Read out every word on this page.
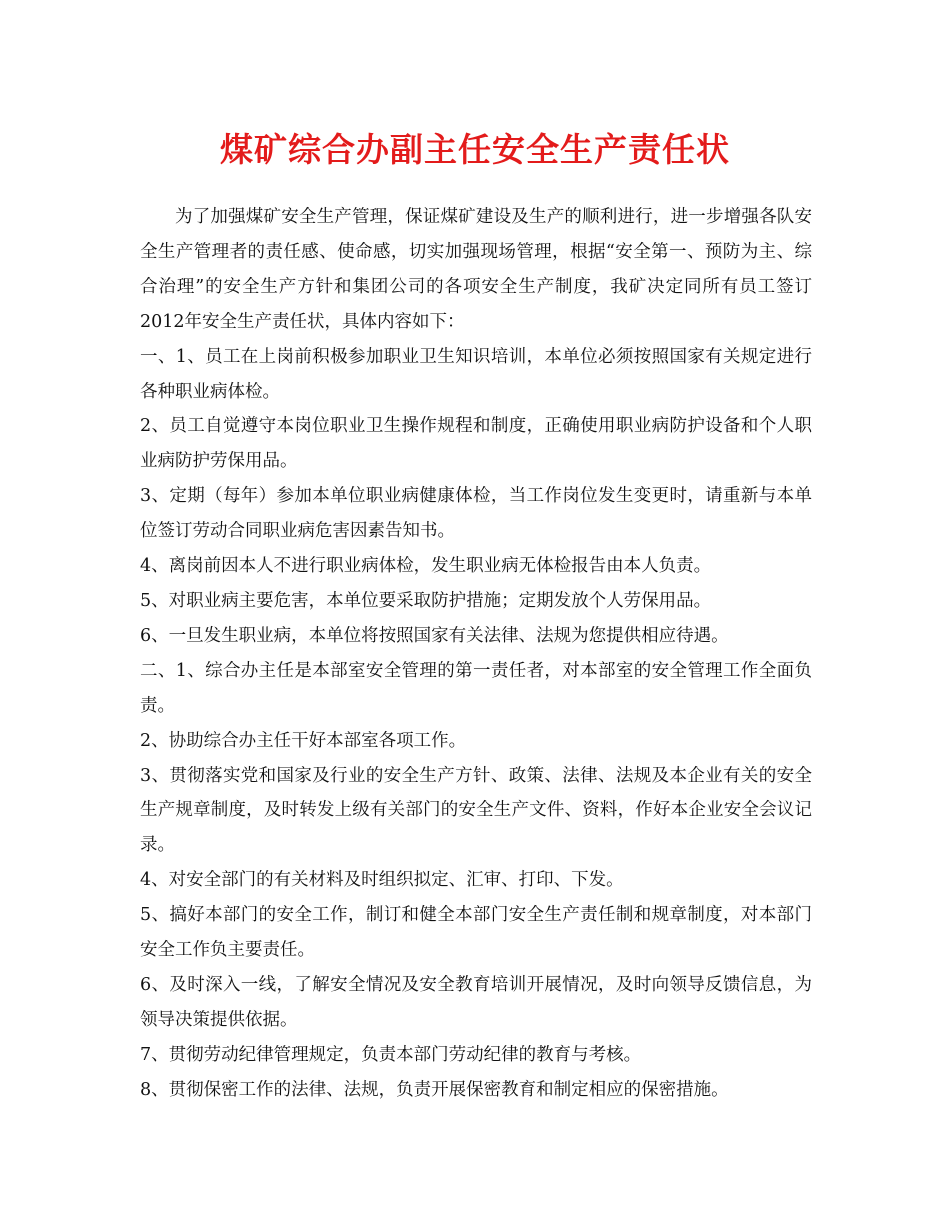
煤矿综合办副主任安全生产责任状

为了加强煤矿安全生产管理，保证煤矿建设及生产的顺利进行，进一步增强各队安全生产管理者的责任感、使命感，切实加强现场管理，根据“安全第一、预防为主、综合治理”的安全生产方针和集团公司的各项安全生产制度，我矿决定同所有员工签订2012年安全生产责任状，具体内容如下：

一、1、员工在上岗前积极参加职业卫生知识培训，本单位必须按照国家有关规定进行各种职业病体检。

2、员工自觉遵守本岗位职业卫生操作规程和制度，正确使用职业病防护设备和个人职业病防护劳保用品。

3、定期（每年）参加本单位职业病健康体检，当工作岗位发生变更时，请重新与本单位签订劳动合同职业病危害因素告知书。

4、离岗前因本人不进行职业病体检，发生职业病无体检报告由本人负责。

5、对职业病主要危害，本单位要采取防护措施；定期发放个人劳保用品。

6、一旦发生职业病，本单位将按照国家有关法律、法规为您提供相应待遇。

二、1、综合办主任是本部室安全管理的第一责任者，对本部室的安全管理工作全面负责。

2、协助综合办主任干好本部室各项工作。

3、贯彻落实党和国家及行业的安全生产方针、政策、法律、法规及本企业有关的安全生产规章制度，及时转发上级有关部门的安全生产文件、资料，作好本企业安全会议记录。

4、对安全部门的有关材料及时组织拟定、汇审、打印、下发。

5、搞好本部门的安全工作，制订和健全本部门安全生产责任制和规章制度，对本部门安全工作负主要责任。

6、及时深入一线，了解安全情况及安全教育培训开展情况，及时向领导反馈信息，为领导决策提供依据。

7、贯彻劳动纪律管理规定，负责本部门劳动纪律的教育与考核。

8、贯彻保密工作的法律、法规，负责开展保密教育和制定相应的保密措施。
